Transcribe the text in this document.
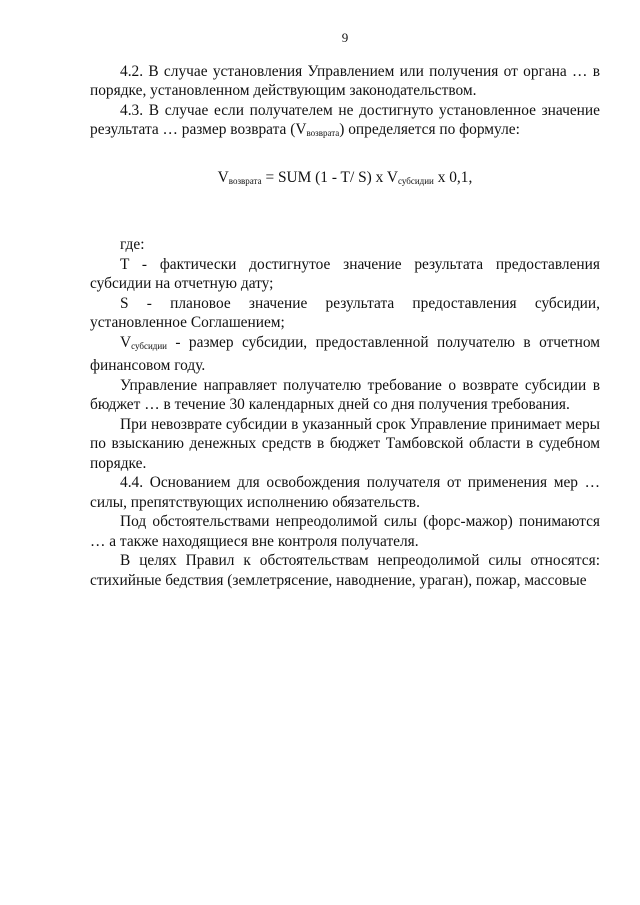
9

4.2. В случае установления Управлением или получения от органа … в порядке, установленном действующим законодательством.

4.3. В случае если получателем не достигнуто установленное значение результата … размер возврата $(V_{возврата})$ определяется по формуле:

$V_{возврата}$ = SUM (1 - T/ S) x $V_{субсидии}$ x 0,1,

где:

T - фактически достигнутое значение результата предоставления субсидии на отчетную дату;

S - плановое значение результата предоставления субсидии, установленное Соглашением;

$V_{субсидии}$ - размер субсидии, предоставленной получателю в отчетном финансовом году.

Управление направляет получателю требование о возврате субсидии в бюджет … в течение 30 календарных дней со дня получения требования.

При невозврате субсидии в указанный срок Управление принимает меры по взысканию денежных средств в бюджет Тамбовской области в судебном порядке.

4.4. Основанием для освобождения получателя от применения мер … силы, препятствующих исполнению обязательств.

Под обстоятельствами непреодолимой силы (форс-мажор) понимаются … а также находящиеся вне контроля получателя.

В целях Правил к обстоятельствам непреодолимой силы относятся: стихийные бедствия (землетрясение, наводнение, ураган), пожар, массовые
